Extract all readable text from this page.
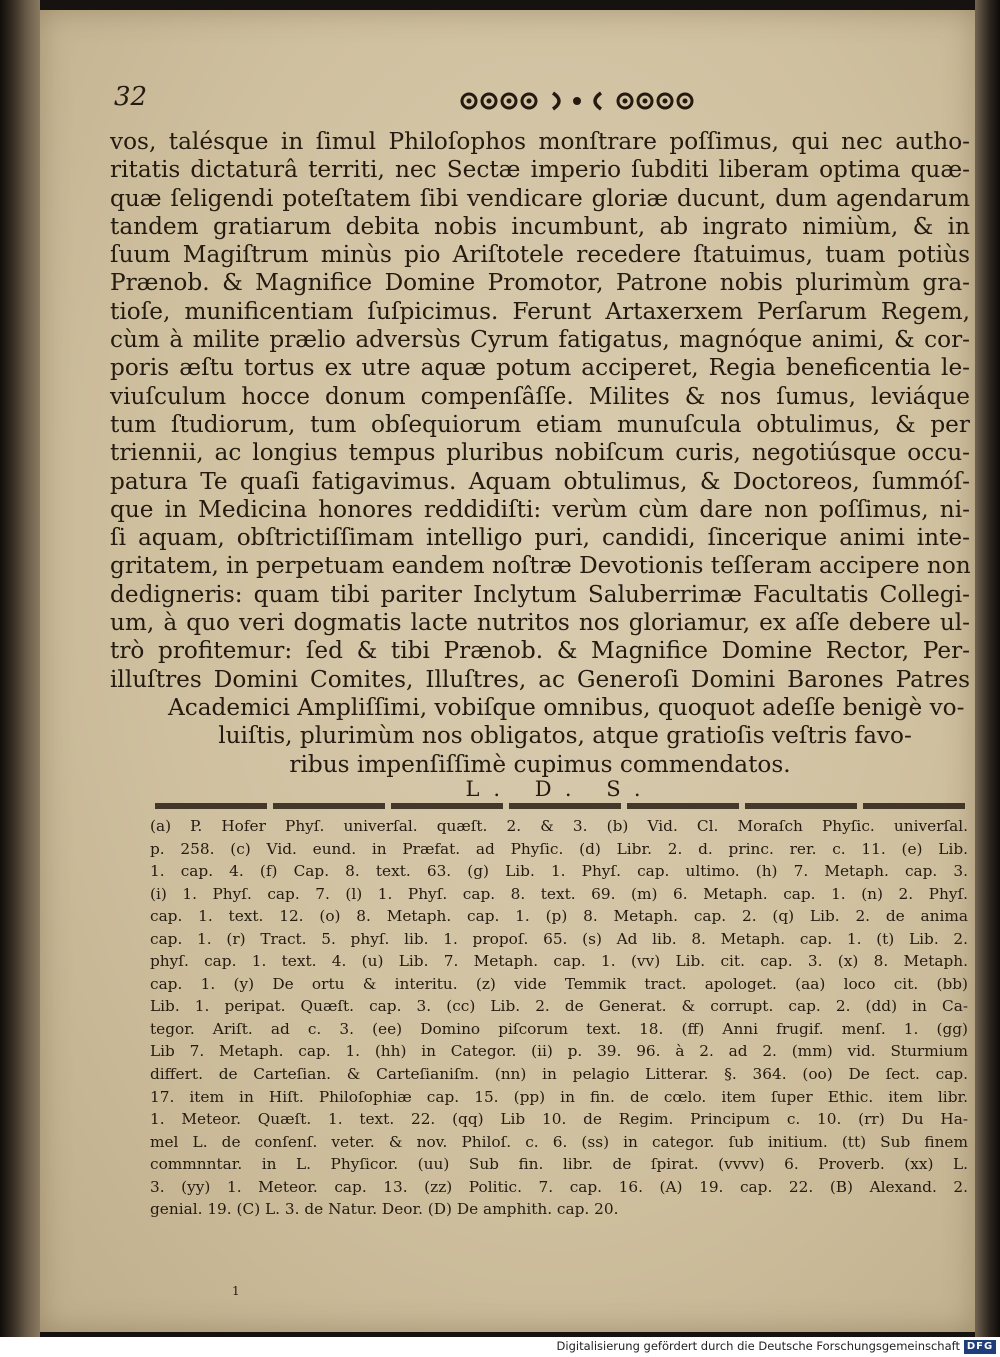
32
vos, talésque in ſimul Philoſophos monſtrare poſſimus, qui nec autho-
ritatis dictaturâ territi, nec Sectæ imperio ſubditi liberam optima quæ-
quæ ſeligendi poteſtatem ſibi vendicare gloriæ ducunt, dum agendarum
tandem gratiarum debita nobis incumbunt, ab ingrato nimiùm, & in
ſuum Magiſtrum minùs pio Ariſtotele recedere ſtatuimus, tuam potiùs
Prænob. & Magnifice Domine Promotor, Patrone nobis plurimùm gra-
tioſe, munificentiam ſuſpicimus. Ferunt Artaxerxem Perſarum Regem,
cùm à milite prælio adversùs Cyrum fatigatus, magnóque animi, & cor-
poris æſtu tortus ex utre aquæ potum acciperet, Regia beneficentia le-
viuſculum hocce donum compenſâſſe. Milites & nos ſumus, leviáque
tum ſtudiorum, tum obſequiorum etiam munuſcula obtulimus, & per
triennii, ac longius tempus pluribus nobiſcum curis, negotiúsque occu-
patura Te quaſi fatigavimus. Aquam obtulimus, & Doctoreos, ſummóſ-
que in Medicina honores reddidiſti: verùm cùm dare non poſſimus, ni-
ſi aquam, obſtrictiſſimam intelligo puri, candidi, ſincerique animi inte-
gritatem, in perpetuam eandem noſtræ Devotionis teſſeram accipere non
dedigneris: quam tibi pariter Inclytum Saluberrimæ Facultatis Collegi-
um, à quo veri dogmatis lacte nutritos nos gloriamur, ex aſſe debere ul-
trò profitemur: ſed & tibi Prænob. & Magnifice Domine Rector, Per-
illuſtres Domini Comites, Illuſtres, ac Generoſi Domini Barones Patres
Academici Ampliſſimi, vobiſque omnibus, quoquot adeſſe benigè vo-
luiſtis, plurimùm nos obligatos, atque gratioſis veſtris favo-
ribus impenſiſſimè cupimus commendatos.
L. D. S.
(a) P. Hofer Phyſ. univerſal. quæſt. 2. & 3. (b) Vid. Cl. Moraſch Phyſic. univerſal.
p. 258. (c) Vid. eund. in Præfat. ad Phyſic. (d) Libr. 2. d. princ. rer. c. 11. (e) Lib.
1. cap. 4. (f) Cap. 8. text. 63. (g) Lib. 1. Phyſ. cap. ultimo. (h) 7. Metaph. cap. 3.
(i) 1. Phyſ. cap. 7. (l) 1. Phyſ. cap. 8. text. 69. (m) 6. Metaph. cap. 1. (n) 2. Phyſ.
cap. 1. text. 12. (o) 8. Metaph. cap. 1. (p) 8. Metaph. cap. 2. (q) Lib. 2. de anima
cap. 1. (r) Tract. 5. phyſ. lib. 1. propoſ. 65. (s) Ad lib. 8. Metaph. cap. 1. (t) Lib. 2.
phyſ. cap. 1. text. 4. (u) Lib. 7. Metaph. cap. 1. (vv) Lib. cit. cap. 3. (x) 8. Metaph.
cap. 1. (y) De ortu & interitu. (z) vide Temmik tract. apologet. (aa) loco cit. (bb)
Lib. 1. peripat. Quæſt. cap. 3. (cc) Lib. 2. de Generat. & corrupt. cap. 2. (dd) in Ca-
tegor. Ariſt. ad c. 3. (ee) Domino piſcorum text. 18. (ff) Anni frugif. menſ. 1. (gg)
Lib 7. Metaph. cap. 1. (hh) in Categor. (ii) p. 39. 96. à 2. ad 2. (mm) vid. Sturmium
differt. de Carteſian. & Carteſianiſm. (nn) in pelagio Litterar. §. 364. (oo) De ſect. cap.
17. item in Hiſt. Philoſophiæ cap. 15. (pp) in fin. de cœlo. item ſuper Ethic. item libr.
1. Meteor. Quæſt. 1. text. 22. (qq) Lib 10. de Regim. Principum c. 10. (rr) Du Ha-
mel L. de conſenſ. veter. & nov. Philoſ. c. 6. (ss) in categor. ſub initium. (tt) Sub finem
commnntar. in L. Phyſicor. (uu) Sub fin. libr. de ſpirat. (vvvv) 6. Proverb. (xx) L.
3. (yy) 1. Meteor. cap. 13. (zz) Politic. 7. cap. 16. (A) 19. cap. 22. (B) Alexand. 2.
genial. 19. (C) L. 3. de Natur. Deor. (D) De amphith. cap. 20.
1
Digitalisierung gefördert durch die Deutsche Forschungsgemeinschaft DFG
